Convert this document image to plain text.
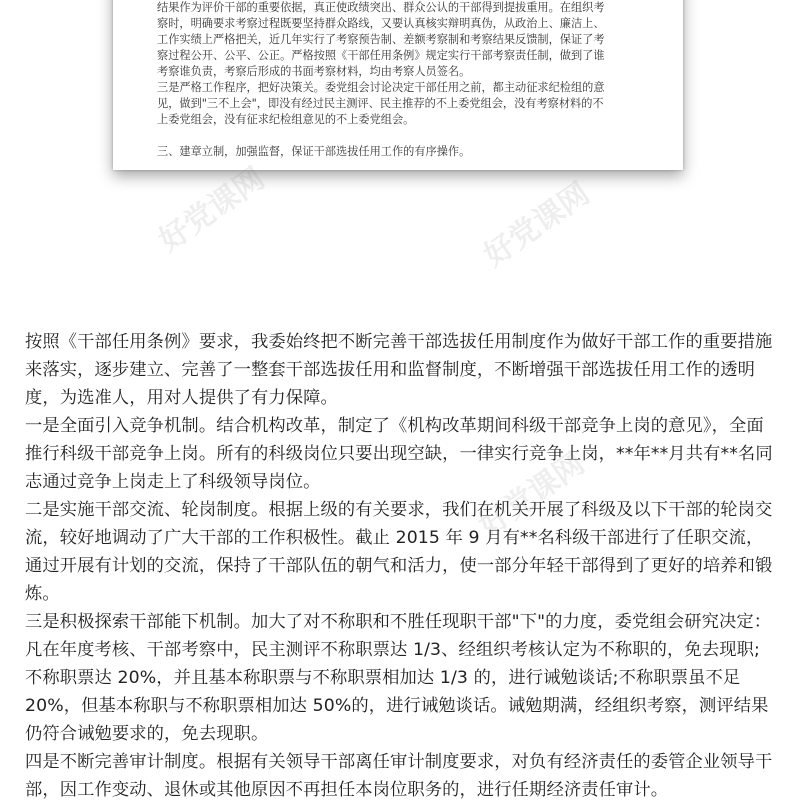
结果作为评价干部的重要依据，真正使政绩突出、群众公认的干部得到提拔重用。在组织考

察时，明确要求考察过程既要坚持群众路线，又要认真核实辩明真伪，从政治上、廉洁上、

工作实绩上严格把关，近几年实行了考察预告制、差额考察制和考察结果反馈制，保证了考

察过程公开、公平、公正。严格按照《干部任用条例》规定实行干部考察责任制，做到了谁

考察谁负责，考察后形成的书面考察材料，均由考察人员签名。

三是严格工作程序，把好决策关。委党组会讨论决定干部任用之前，都主动征求纪检组的意

见，做到"三不上会"，即没有经过民主测评、民主推荐的不上委党组会，没有考察材料的不

上委党组会，没有征求纪检组意见的不上委党组会。

三、建章立制，加强监督，保证干部选拔任用工作的有序操作。

好党课网	好党课网
好党课网

按照《干部任用条例》要求，我委始终把不断完善干部选拔任用制度作为做好干部工作的重要措施来落实，逐步建立、完善了一整套干部选拔任用和监督制度，不断增强干部选拔任用工作的透明度，为选准人，用对人提供了有力保障。

一是全面引入竞争机制。结合机构改革，制定了《机构改革期间科级干部竞争上岗的意见》，全面推行科级干部竞争上岗。所有的科级岗位只要出现空缺，一律实行竞争上岗，**年**月共有**名同志通过竞争上岗走上了科级领导岗位。

二是实施干部交流、轮岗制度。根据上级的有关要求，我们在机关开展了科级及以下干部的轮岗交流，较好地调动了广大干部的工作积极性。截止 2015 年 9 月有**名科级干部进行了任职交流，通过开展有计划的交流，保持了干部队伍的朝气和活力，使一部分年轻干部得到了更好的培养和锻炼。

三是积极探索干部能下机制。加大了对不称职和不胜任现职干部"下"的力度，委党组会研究决定：凡在年度考核、干部考察中，民主测评不称职票达 1/3、经组织考核认定为不称职的，免去现职;不称职票达 20%，并且基本称职票与不称职票相加达 1/3 的，进行诫勉谈话;不称职票虽不足 20%，但基本称职与不称职票相加达 50%的，进行诫勉谈话。诫勉期满，经组织考察，测评结果仍符合诫勉要求的，免去现职。

四是不断完善审计制度。根据有关领导干部离任审计制度要求，对负有经济责任的委管企业领导干部，因工作变动、退休或其他原因不再担任本岗位职务的，进行任期经济责任审计。
